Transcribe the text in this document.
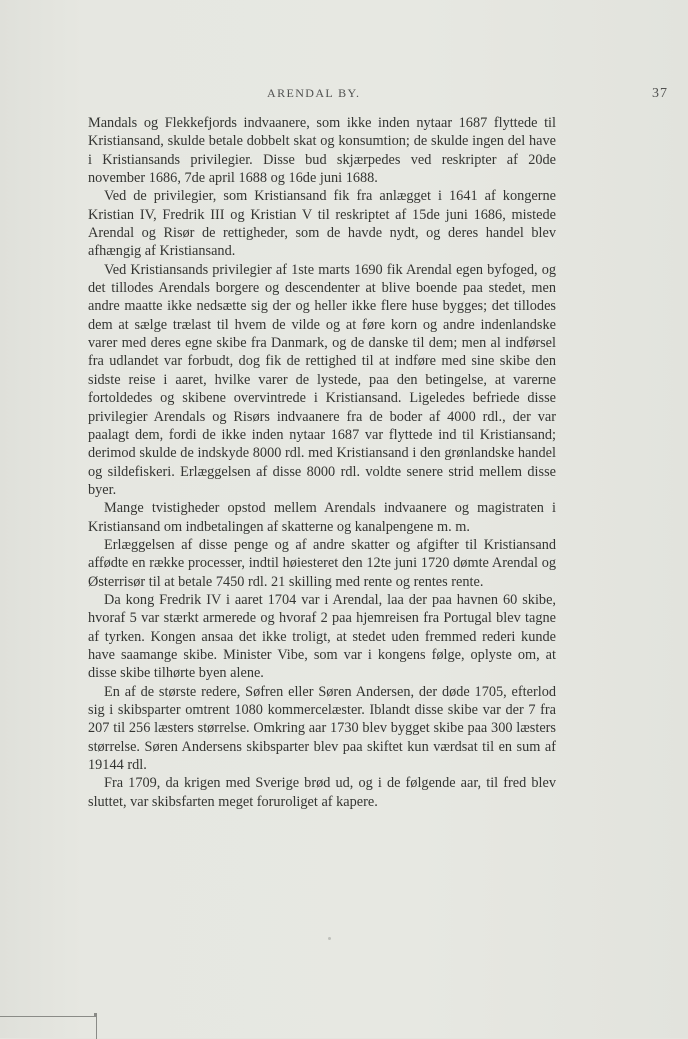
ARENDAL BY.	37

Mandals og Flekkefjords indvaanere, som ikke inden nytaar 1687 flyttede til Kristiansand, skulde betale dobbelt skat og konsumtion; de skulde ingen del have i Kristiansands privilegier. Disse bud skjærpedes ved reskripter af 20de november 1686, 7de april 1688 og 16de juni 1688.

Ved de privilegier, som Kristiansand fik fra anlægget i 1641 af kongerne Kristian IV, Fredrik III og Kristian V til reskriptet af 15de juni 1686, mistede Arendal og Risør de rettigheder, som de havde nydt, og deres handel blev afhængig af Kristiansand.

Ved Kristiansands privilegier af 1ste marts 1690 fik Arendal egen byfoged, og det tillodes Arendals borgere og descendenter at blive boende paa stedet, men andre maatte ikke nedsætte sig der og heller ikke flere huse bygges; det tillodes dem at sælge trælast til hvem de vilde og at føre korn og andre indenlandske varer med deres egne skibe fra Danmark, og de danske til dem; men al indførsel fra udlandet var forbudt, dog fik de rettighed til at indføre med sine skibe den sidste reise i aaret, hvilke varer de lystede, paa den betingelse, at varerne fortoldedes og skibene overvintrede i Kristiansand. Ligeledes befriede disse privilegier Arendals og Risørs indvaanere fra de boder af 4000 rdl., der var paalagt dem, fordi de ikke inden nytaar 1687 var flyttede ind til Kristiansand; derimod skulde de indskyde 8000 rdl. med Kristiansand i den grønlandske handel og sildefiskeri. Erlæggelsen af disse 8000 rdl. voldte senere strid mellem disse byer.

Mange tvistigheder opstod mellem Arendals indvaanere og magistraten i Kristiansand om indbetalingen af skatterne og kanalpengene m. m.

Erlæggelsen af disse penge og af andre skatter og afgifter til Kristiansand affødte en række processer, indtil høiesteret den 12te juni 1720 dømte Arendal og Østerrisør til at betale 7450 rdl. 21 skilling med rente og rentes rente.

Da kong Fredrik IV i aaret 1704 var i Arendal, laa der paa havnen 60 skibe, hvoraf 5 var stærkt armerede og hvoraf 2 paa hjemreisen fra Portugal blev tagne af tyrken. Kongen ansaa det ikke troligt, at stedet uden fremmed rederi kunde have saamange skibe. Minister Vibe, som var i kongens følge, oplyste om, at disse skibe tilhørte byen alene.

En af de største redere, Søfren eller Søren Andersen, der døde 1705, efterlod sig i skibsparter omtrent 1080 kommercelæster. Iblandt disse skibe var der 7 fra 207 til 256 læsters størrelse. Omkring aar 1730 blev bygget skibe paa 300 læsters størrelse. Søren Andersens skibsparter blev paa skiftet kun værdsat til en sum af 19144 rdl.

Fra 1709, da krigen med Sverige brød ud, og i de følgende aar, til fred blev sluttet, var skibsfarten meget foruroliget af kapere.
